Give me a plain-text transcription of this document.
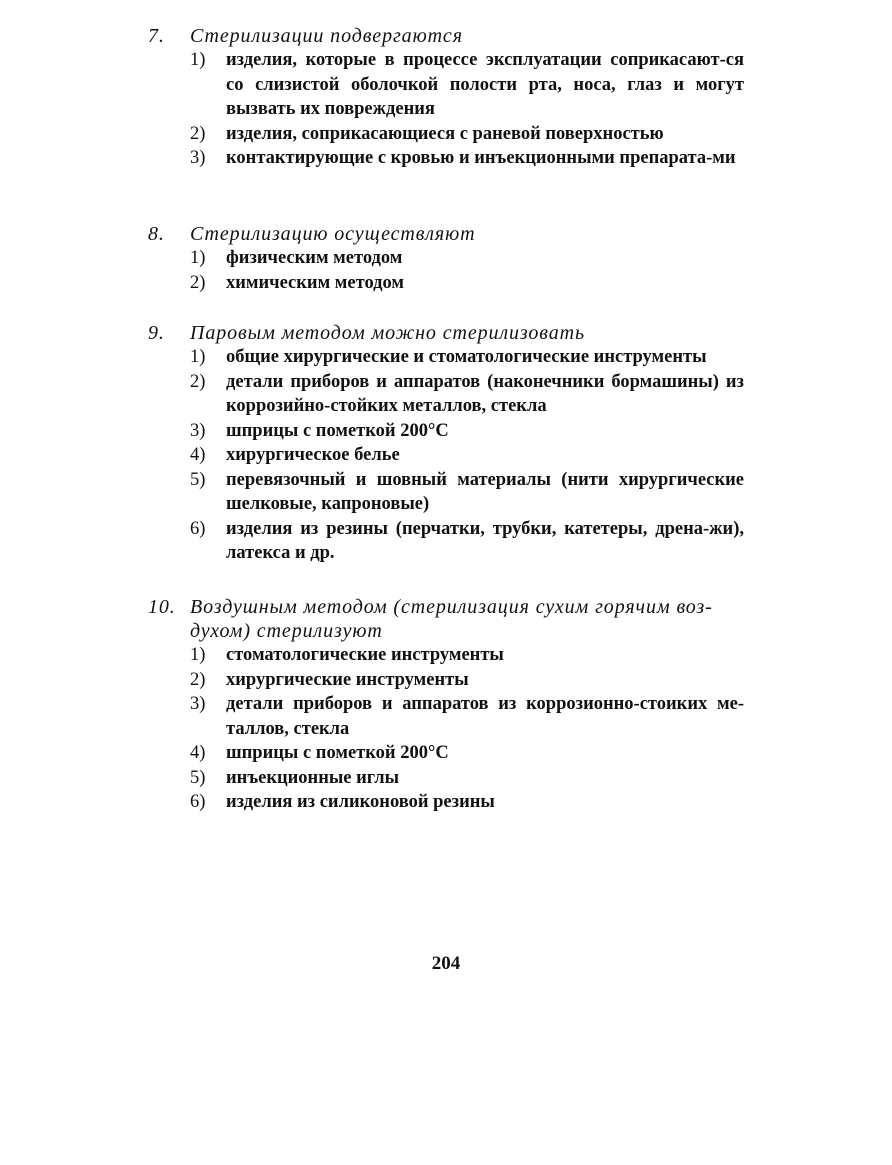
7.	Стерилизации подвергаются
1)	изделия, которые в процессе эксплуатации соприкасают-ся со слизистой оболочкой полости рта, носа, глаз и могут вызвать их повреждения
2)	изделия, соприкасающиеся с раневой поверхностью
3)	контактирующие с кровью и инъекционными препарата-ми
8.	Стерилизацию осуществляют
1)	физическим методом
2)	химическим методом
9.	Паровым методом можно стерилизовать
1)	общие хирургические и стоматологические инструменты
2)	детали приборов и аппаратов (наконечники бормашины) из коррозийно-стойких металлов, стекла
3)	шприцы с пометкой 200°С
4)	хирургическое белье
5)	перевязочный и шовный материалы (нити хирургические шелковые, капроновые)
6)	изделия из резины (перчатки, трубки, катетеры, дрена-жи), латекса и др.
10. Воздушным методом (стерилизация сухим горячим воз-духом) стерилизуют
1)	стоматологические инструменты
2)	хирургические инструменты
3)	детали приборов и аппаратов из коррозионно-стоиких ме-таллов, стекла
4)	шприцы с пометкой 200°С
5)	инъекционные иглы
6)	изделия из силиконовой резины
204
